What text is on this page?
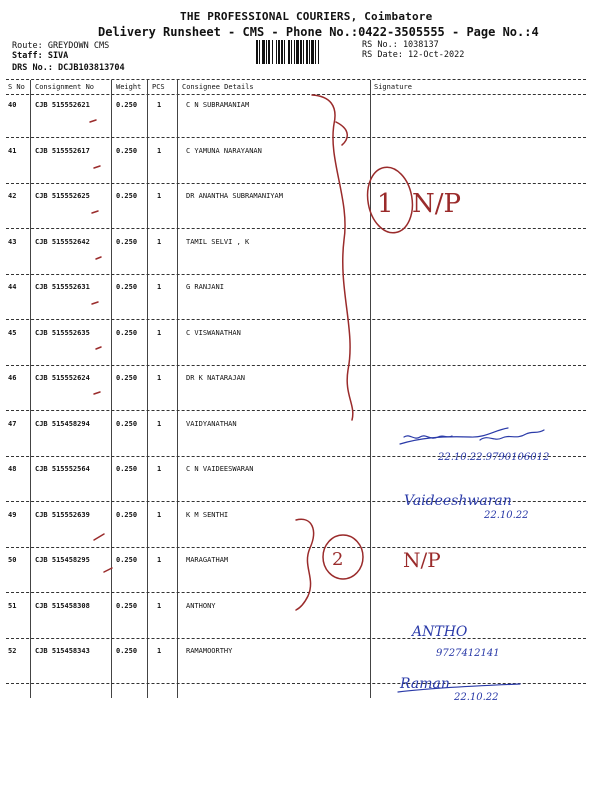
THE PROFESSIONAL COURIERS, Coimbatore
Delivery Runsheet - CMS - Phone No.:0422-3505555 - Page No.:4
Route: GREYDOWN CMS
Staff: SIVA
DRS No.: DCJB103813704
RS No.: 1038137
RS Date: 12-Oct-2022
S No Consignment No	Weight PCS Consignee Details	Signature
40	CJB 515552621	0.250	1	C N SUBRAMANIAM
41	CJB 515552617	0.250	1	C YAMUNA NARAYANAN
42	CJB 515552625	0.250	1	DR ANANTHA SUBRAMANIYAM
43	CJB 515552642	0.250	1	TAMIL SELVI , K
44	CJB 515552631	0.250	1	G RANJANI
45	CJB 515552635	0.250	1	C VISWANATHAN
46	CJB 515552624	0.250	1	DR K NATARAJAN
47	CJB 515458294	0.250	1	VAIDYANATHAN
48	CJB 515552564	0.250	1	C N VAIDEESWARAN
49	CJB 515552639	0.250	1	K M SENTHI
50	CJB 515458295	0.250	1	MARAGATHAM
51	CJB 515458308	0.250	1	ANTHONY
52	CJB 515458343	0.250	1	RAMAMOORTHY
1 N/P
2	N/P
22.10.22.9790106012
Vaideeshwaran
22.10.22
ANTHO
9727412141
Raman
22.10.22
